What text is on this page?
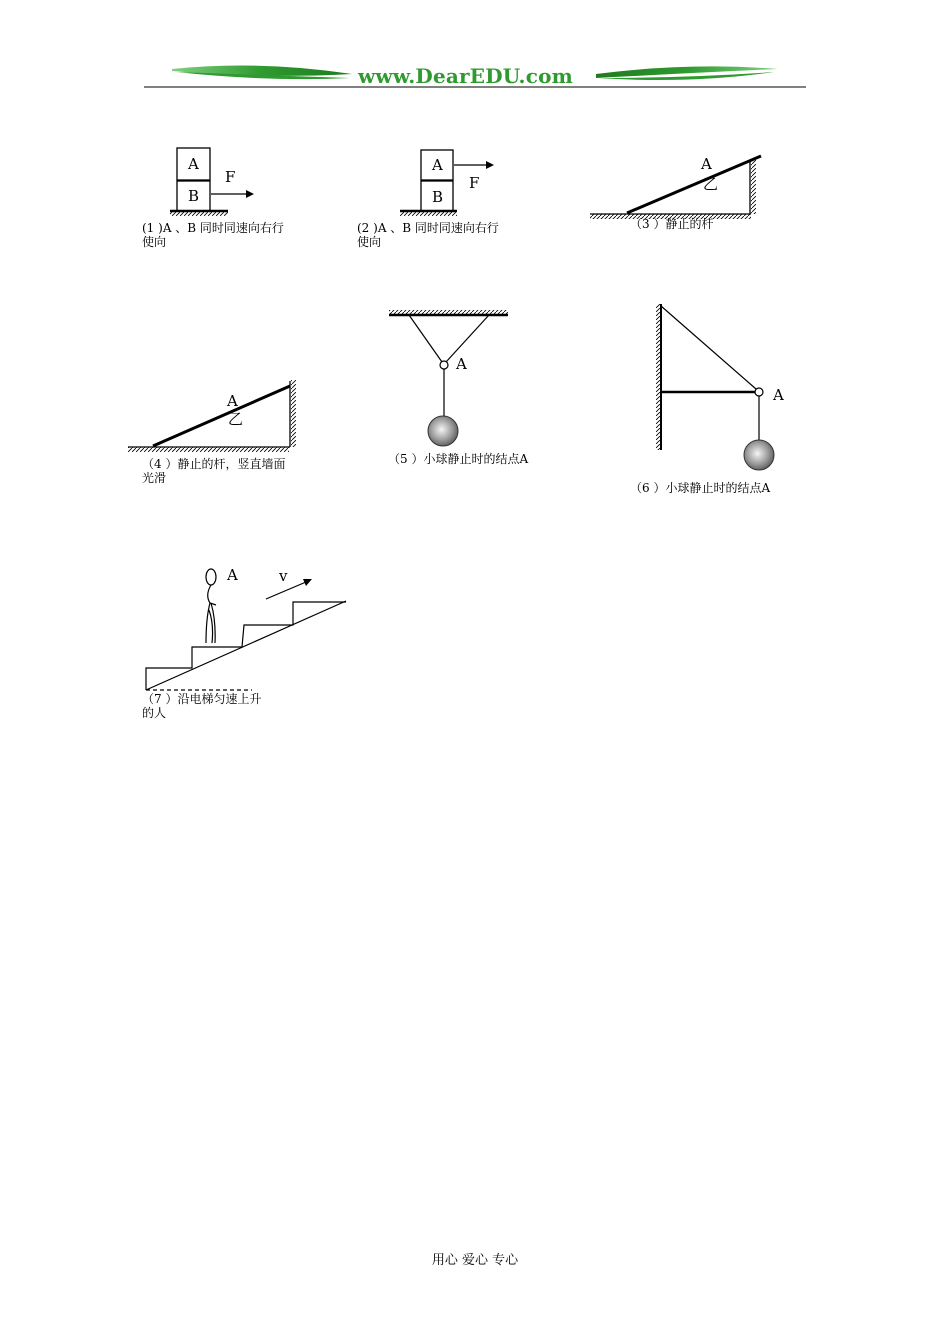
www.DearEDU.com
A
B
F
(1 )A 、B 同时同速向右行
使向
A
B
F
(2 )A 、B 同时同速向右行
使向
A
乙
（3 ）静止的杆
A
乙
（4 ）静止的杆，竖直墙面
光滑
A
（5 ）小球静止时的结点A
A
（6 ）小球静止时的结点A
A	v
（7 ）沿电梯匀速上升
的人
用心 爱心 专心
